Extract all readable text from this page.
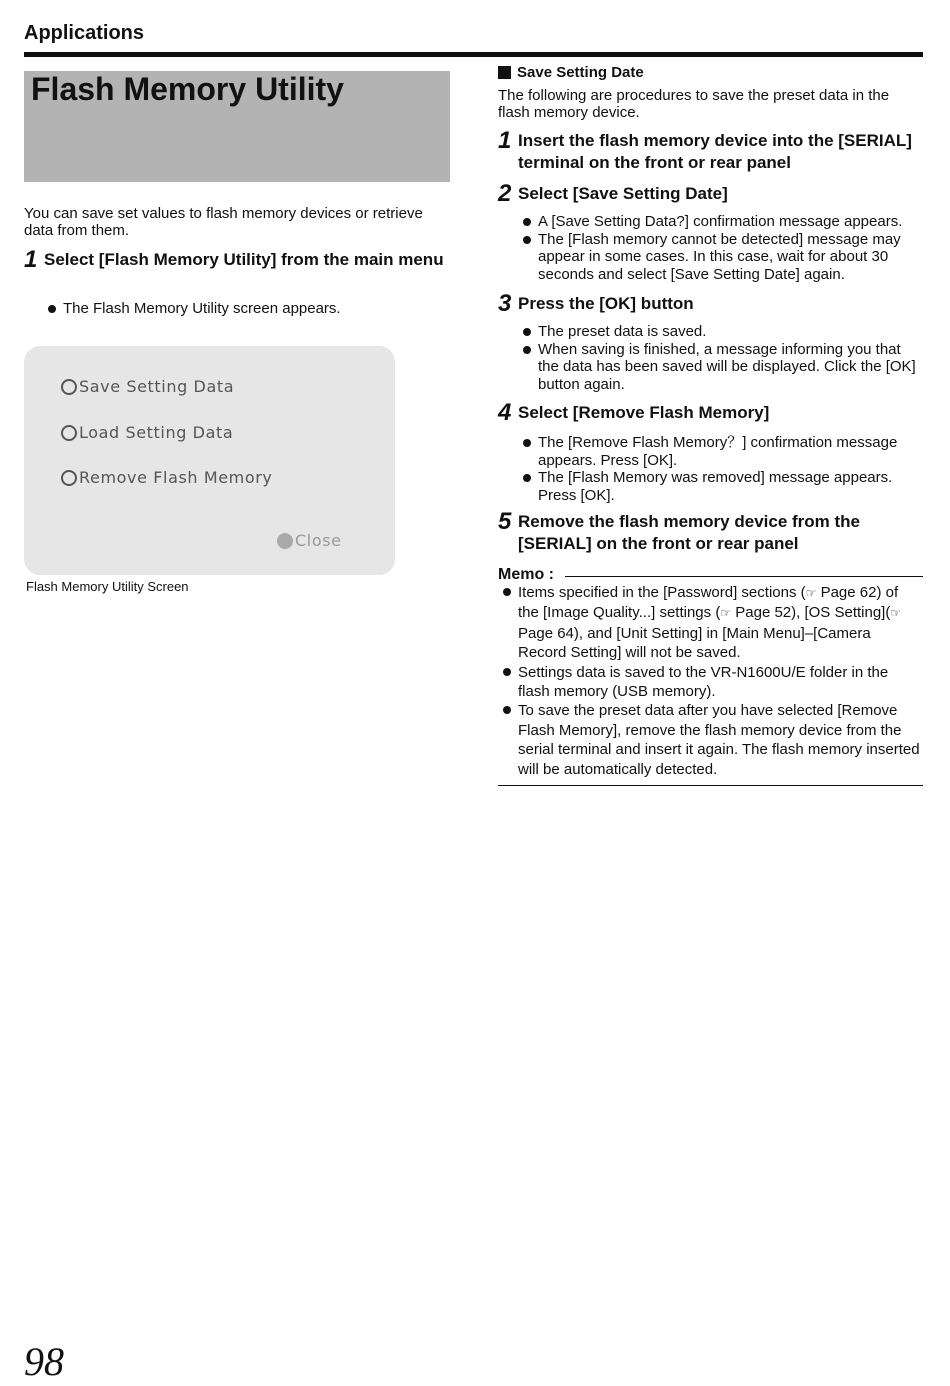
Applications
Flash Memory Utility
You can save set values to flash memory devices or retrieve data from them.
1 Select [Flash Memory Utility] from the main menu
The Flash Memory Utility screen appears.
Save Setting Data
Load Setting Data
Remove Flash Memory
Close
Flash Memory Utility Screen
Save Setting Date
The following are procedures to save the preset data in the flash memory device.
1 Insert the flash memory device into the [SERIAL] terminal on the front or rear panel
2 Select [Save Setting Date]
A [Save Setting Data?] confirmation message appears.
The [Flash memory cannot be detected] message may appear in some cases. In this case, wait for about 30 seconds and select [Save Setting Date] again.
3 Press the [OK] button
The preset data is saved.
When saving is finished, a message informing you that the data has been saved will be displayed. Click the [OK] button again.
4 Select [Remove Flash Memory]
The [Remove Flash Memory？] confirmation message appears. Press [OK].
The [Flash Memory was removed] message appears. Press [OK].
5 Remove the flash memory device from the [SERIAL] on the front or rear panel
Memo :
Items specified in the [Password] sections (☞ Page 62) of the [Image Quality...] settings (☞ Page 52), [OS Setting](☞ Page 64), and [Unit Setting] in [Main Menu]–[Camera Record Setting] will not be saved.
Settings data is saved to the VR-N1600U/E folder in the flash memory (USB memory).
To save the preset data after you have selected [Remove Flash Memory], remove the flash memory device from the serial terminal and insert it again. The flash memory inserted will be automatically detected.
98
